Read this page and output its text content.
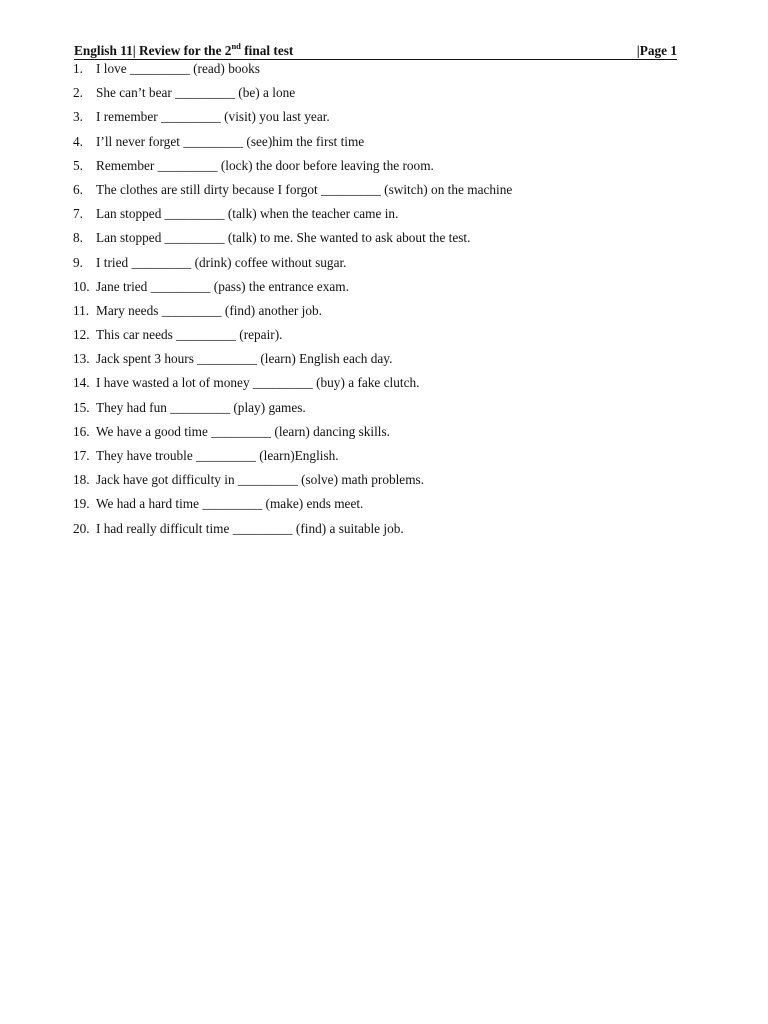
English 11| Review for the 2nd final test	|Page 1
1. I love _________ (read) books
2. She can’t bear _________ (be) a lone
3. I remember _________ (visit) you last year.
4. I’ll never forget _________ (see)him the first time
5. Remember _________ (lock) the door before leaving the room.
6. The clothes are still dirty because I forgot _________ (switch) on the machine
7. Lan stopped _________ (talk) when the teacher came in.
8. Lan stopped _________ (talk) to me. She wanted to ask about the test.
9. I tried _________ (drink) coffee without sugar.
10. Jane tried _________ (pass) the entrance exam.
11. Mary needs _________ (find) another job.
12. This car needs _________ (repair).
13. Jack spent 3 hours _________ (learn) English each day.
14. I have wasted a lot of money _________ (buy) a fake clutch.
15. They had fun _________ (play) games.
16. We have a good time _________ (learn) dancing skills.
17. They have trouble _________ (learn)English.
18. Jack have got difficulty in _________ (solve) math problems.
19. We had a hard time _________ (make) ends meet.
20. I had really difficult time _________ (find) a suitable job.
